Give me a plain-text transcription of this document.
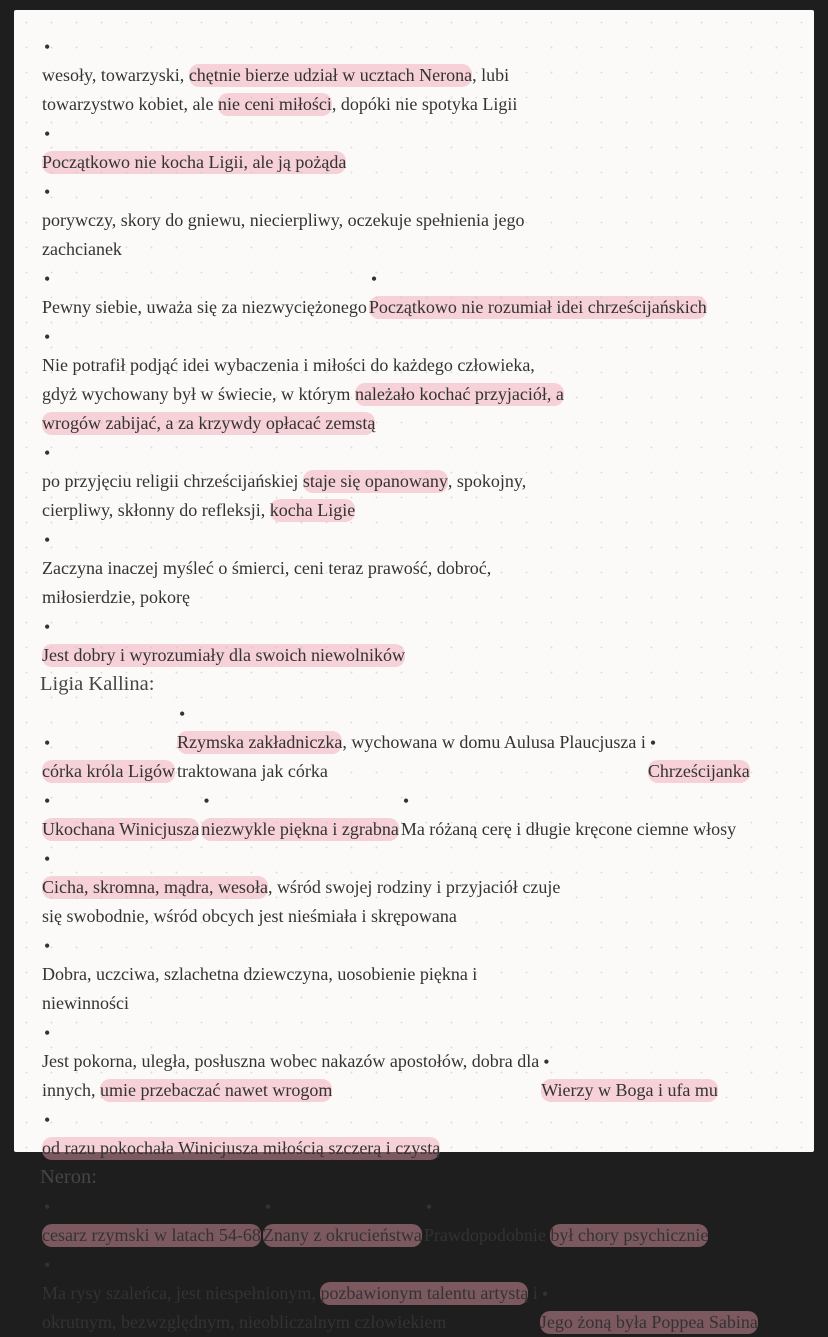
•
wesoły, towarzyski, chętnie bierze udział w ucztach Nerona , lubi
towarzystwo kobiet, ale nie ceni miłości , dopóki nie spotyka Ligii
•
Początkowo nie kocha Ligii, ale ją pożąda
•
porywczy, skory do gniewu, niecierpliwy, oczekuje spełnienia jego
zachcianek
•
Pewny siebie, uważa się za niezwyciężonego
•
Początkowo nie rozumiał idei chrześcijańskich
•
Nie potrafił podjąć idei wybaczenia i miłości do każdego człowieka,
gdyż wychowany był w świecie, w którym należało kochać przyjaciół, a
wrogów zabijać, a za krzywdy opłacać zemstą
•
po przyjęciu religii chrześcijańskiej staje się opanowany , spokojny,
cierpliwy, skłonny do refleksji, kocha Ligie
•
Zaczyna inaczej myśleć o śmierci, ceni teraz prawość, dobroć,
miłosierdzie, pokorę
•
Jest dobry i wyrozumiały dla swoich niewolników
Ligia Kallina:
•
córka króla Ligów
•
Rzymska zakładniczka , wychowana w domu Aulusa Plaucjusza i
traktowana jak córka
•
Chrześcijanka
•
Ukochana Winicjusza
•
niezwykle piękna i zgrabna
•
Ma różaną cerę i długie kręcone ciemne włosy
•
Cicha, skromna, mądra, wesoła , wśród swojej rodziny i przyjaciół czuje
się swobodnie, wśród obcych jest nieśmiała i skrępowana
•
Dobra, uczciwa, szlachetna dziewczyna, uosobienie piękna i
niewinności
•
Jest pokorna, uległa, posłuszna wobec nakazów apostołów, dobra dla
innych, umie przebaczać nawet wrogom
•
Wierzy w Boga i ufa mu
•
od razu pokochała Winicjusza miłością szczerą i czystą
Neron:
•
cesarz rzymski w latach 54-68
•
Znany z okrucieństwa
•
Prawdopodobnie był chory psychicznie
•
Ma rysy szaleńca, jest niespełnionym, pozbawionym talentu artystą i
okrutnym, bezwzględnym, nieobliczalnym człowiekiem
•
Jego żoną była Poppea Sabina
